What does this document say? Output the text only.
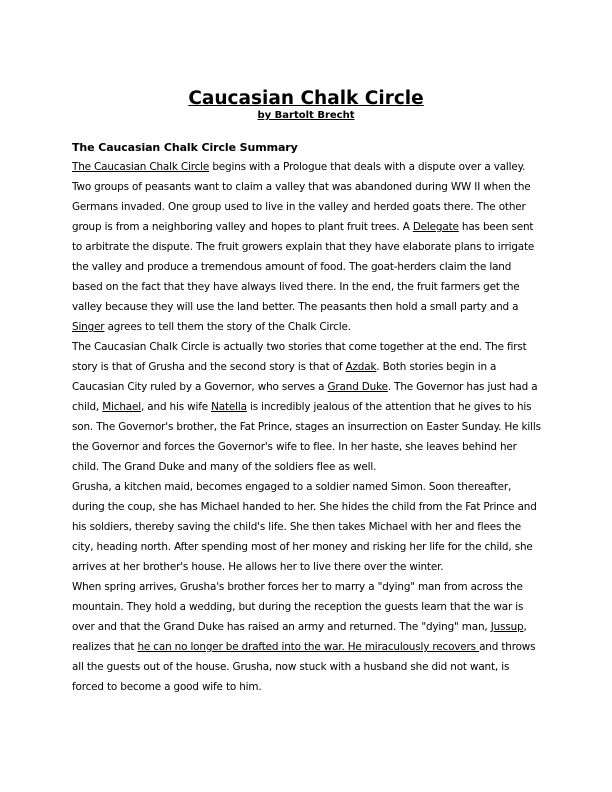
Caucasian Chalk Circle
by Bartolt Brecht
The Caucasian Chalk Circle Summary

The Caucasian Chalk Circle begins with a Prologue that deals with a dispute over a valley. Two groups of peasants want to claim a valley that was abandoned during WW II when the Germans invaded. One group used to live in the valley and herded goats there. The other group is from a neighboring valley and hopes to plant fruit trees. A Delegate has been sent to arbitrate the dispute. The fruit growers explain that they have elaborate plans to irrigate the valley and produce a tremendous amount of food. The goat-herders claim the land based on the fact that they have always lived there. In the end, the fruit farmers get the valley because they will use the land better. The peasants then hold a small party and a Singer agrees to tell them the story of the Chalk Circle.

The Caucasian Chalk Circle is actually two stories that come together at the end. The first story is that of Grusha and the second story is that of Azdak. Both stories begin in a Caucasian City ruled by a Governor, who serves a Grand Duke. The Governor has just had a child, Michael, and his wife Natella is incredibly jealous of the attention that he gives to his son. The Governor's brother, the Fat Prince, stages an insurrection on Easter Sunday. He kills the Governor and forces the Governor's wife to flee. In her haste, she leaves behind her child. The Grand Duke and many of the soldiers flee as well.

Grusha, a kitchen maid, becomes engaged to a soldier named Simon. Soon thereafter, during the coup, she has Michael handed to her. She hides the child from the Fat Prince and his soldiers, thereby saving the child's life. She then takes Michael with her and flees the city, heading north. After spending most of her money and risking her life for the child, she arrives at her brother's house. He allows her to live there over the winter.

When spring arrives, Grusha's brother forces her to marry a "dying" man from across the mountain. They hold a wedding, but during the reception the guests learn that the war is over and that the Grand Duke has raised an army and returned. The "dying" man, Jussup, realizes that he can no longer be drafted into the war. He miraculously recovers and throws all the guests out of the house. Grusha, now stuck with a husband she did not want, is forced to become a good wife to him.
